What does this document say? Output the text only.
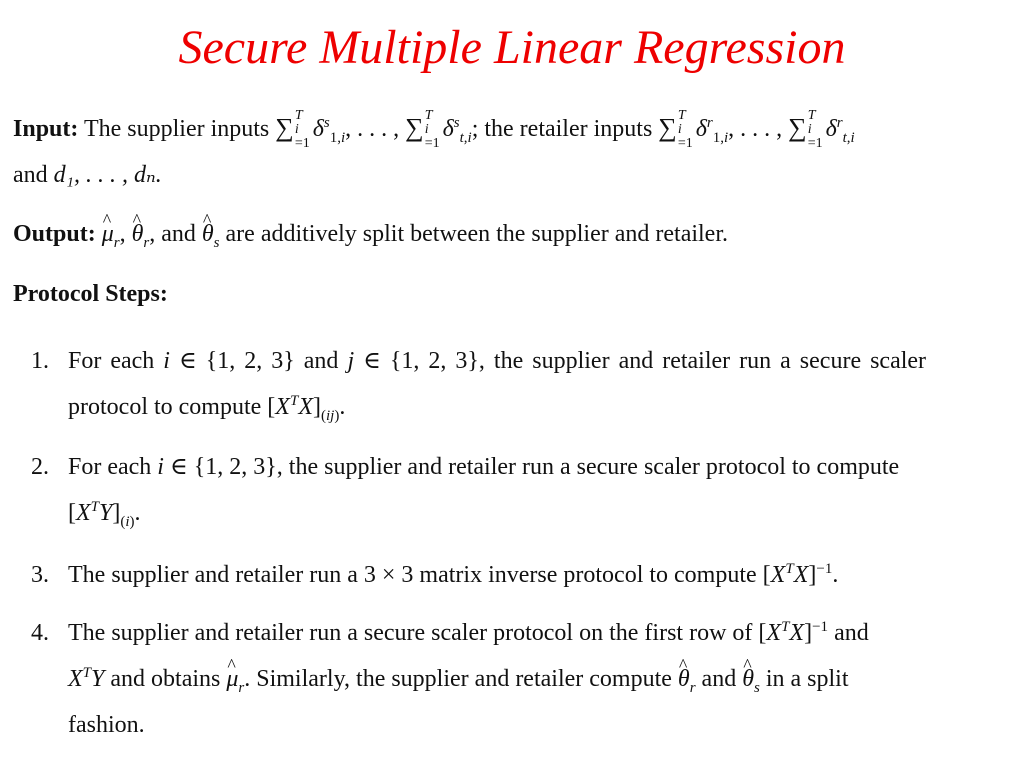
Secure Multiple Linear Regression
Input: The supplier inputs ∑ T
i
=1
$\delta^s_{1,i}$, . . . , ∑ T
i
=1
$\delta^s_{t,i}$; the retailer inputs ∑ T
i
=1
$\delta^r_{1,i}$, . . . , ∑ T
i
=1
$\delta^r_{t,i}$
and d₁, . . . , dₙ.
Output: ^ $\mu_r$, ^ $\theta_r$, and ^ $\theta_s$ are additively split between the supplier and retailer.
Protocol Steps:
1. For each i ∈ {1, 2, 3} and j ∈ {1, 2, 3}, the supplier and retailer run a secure scaler
protocol to compute $[X^TX]_{(ij)}$.
2. For each i ∈ {1, 2, 3}, the supplier and retailer run a secure scaler protocol to compute
$[X^TY]_{(i)}$.
3. The supplier and retailer run a 3 × 3 matrix inverse protocol to compute $[X^TX]^{-1}$.
4. The supplier and retailer run a secure scaler protocol on the first row of $[X^TX]^{-1}$ and
$X^TY$ and obtains ^ $\mu_r$. Similarly, the supplier and retailer compute ^ $\theta_r$ and ^ $\theta_s$ in a split
fashion.
